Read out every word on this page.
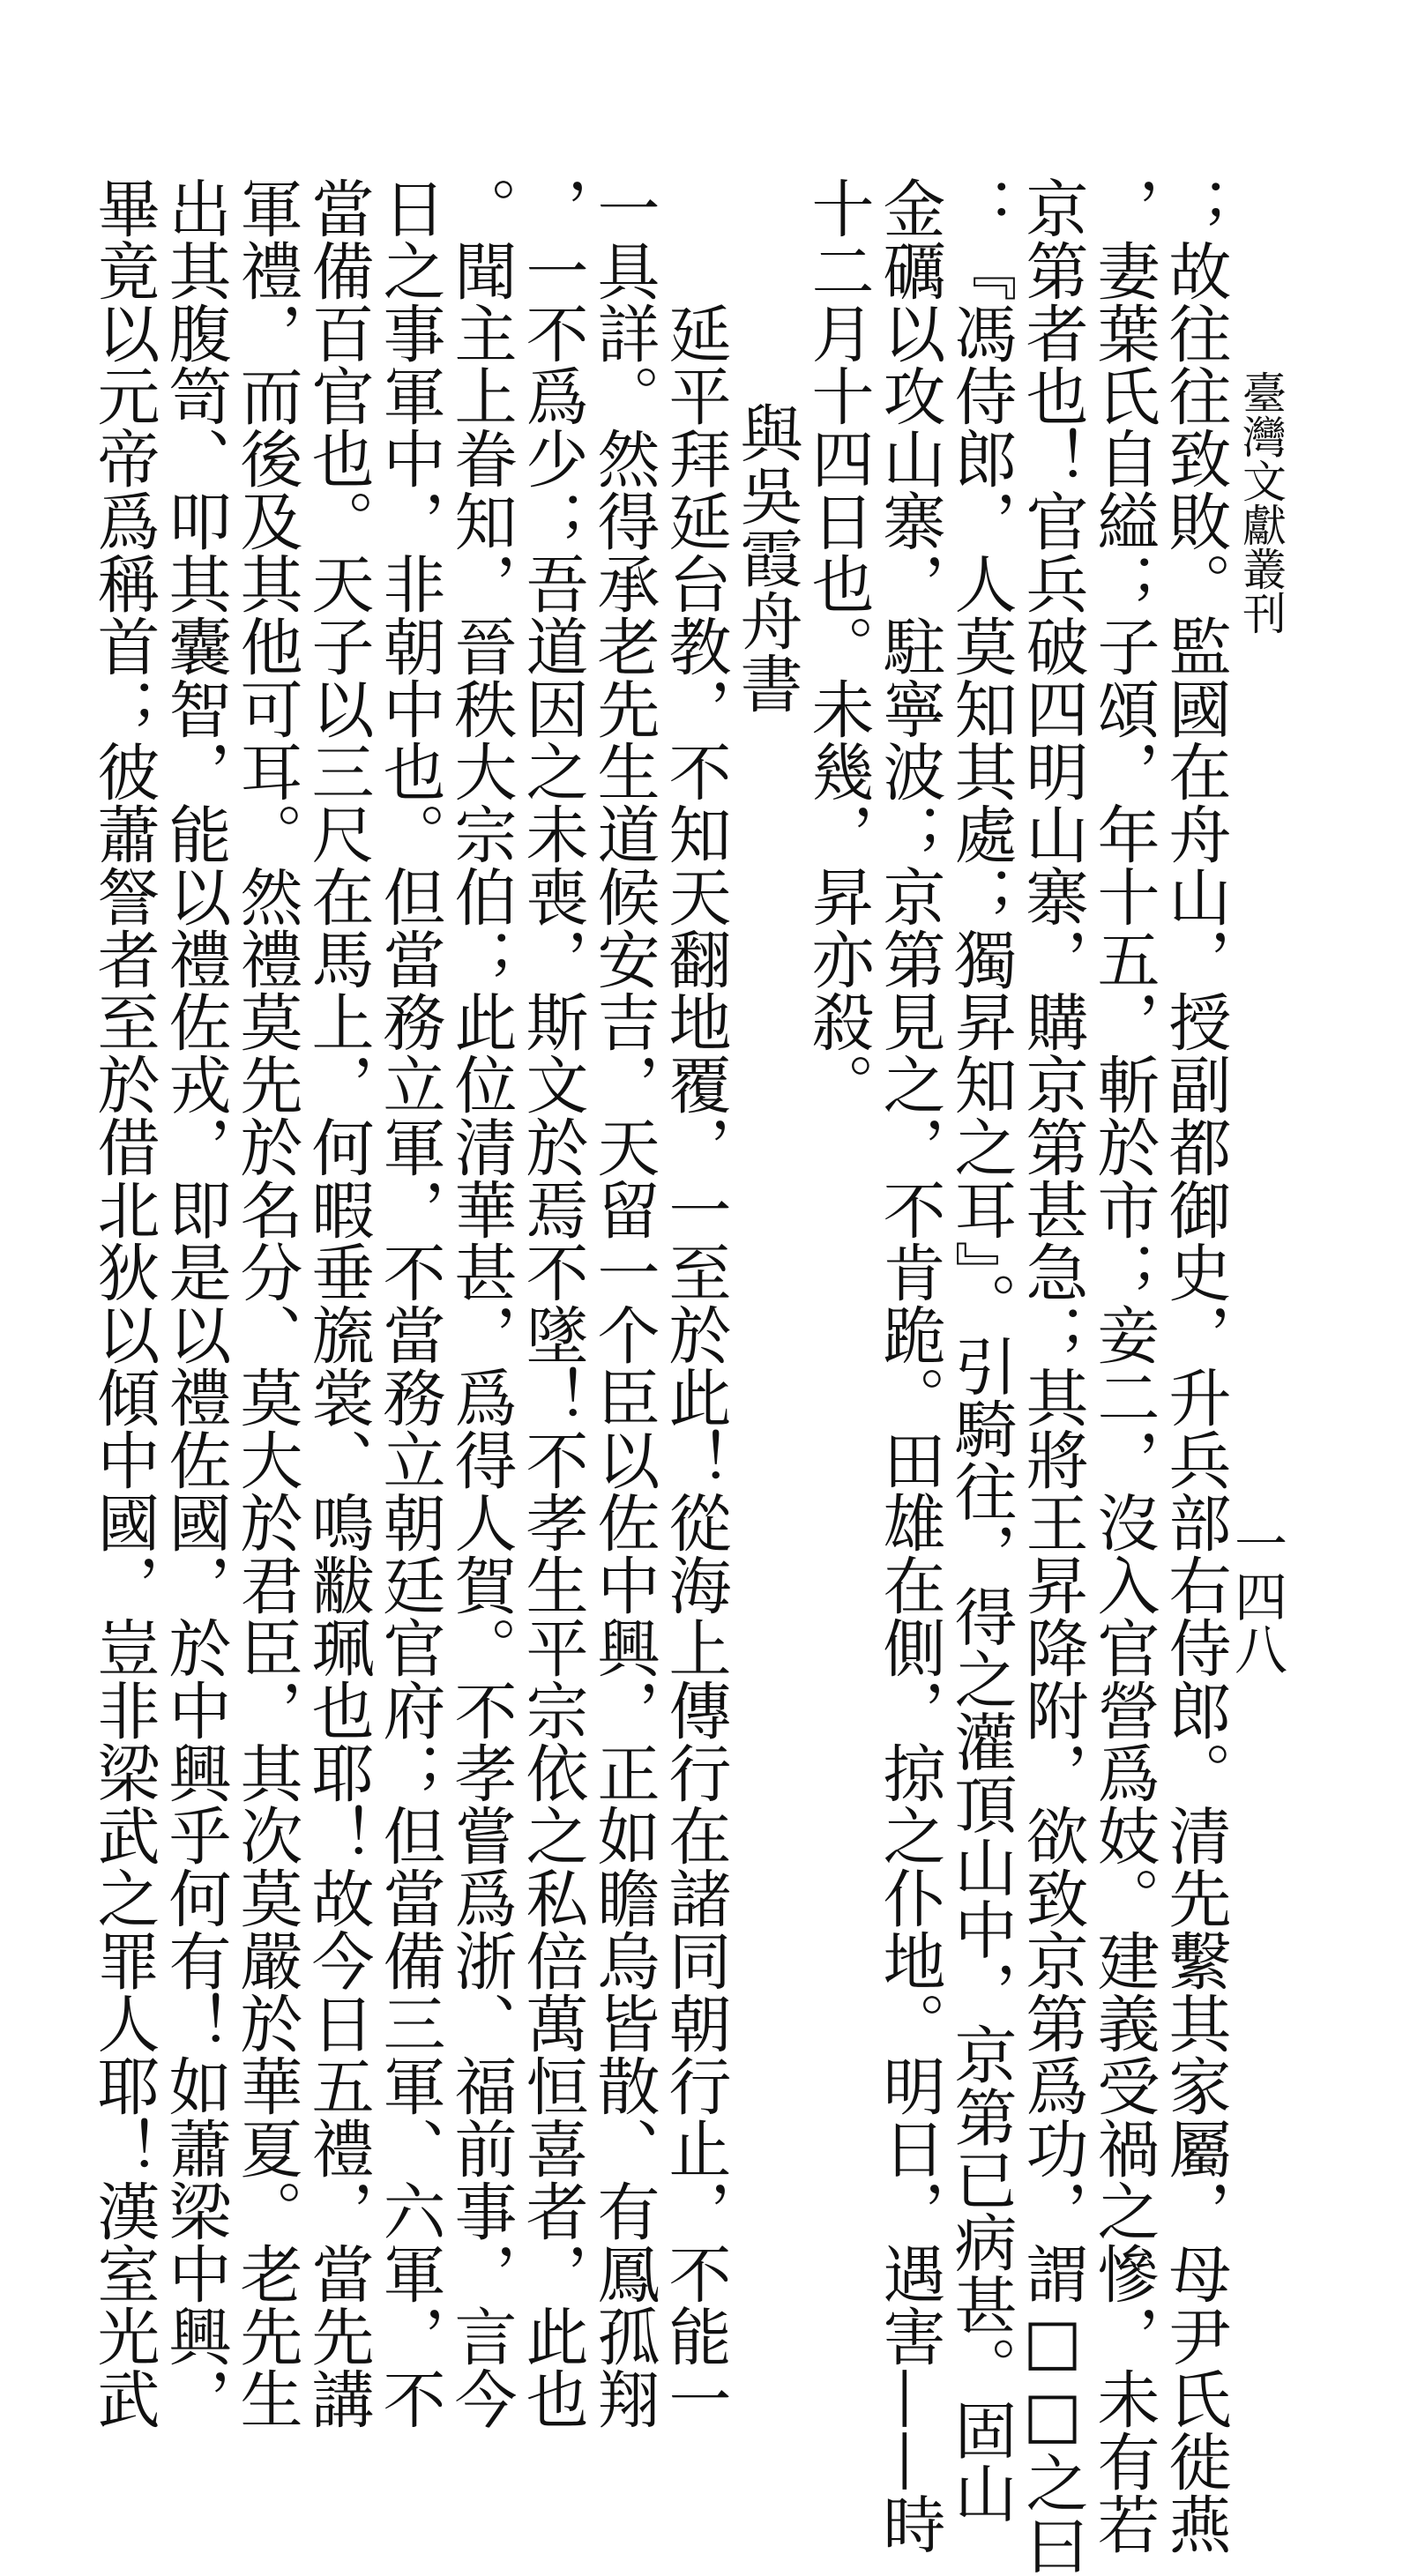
臺灣文獻叢刊
一四八

；故往往致敗。監國在舟山，授副都御史，升兵部右侍郎。清先繫其家屬，母尹氏徙燕

，妻葉氏自縊；子頌，年十五，斬於市；妾二，沒入官營爲妓。建義受禍之慘，未有若

京第者也！官兵破四明山寨，購京第甚急；其將王昇降附，欲致京第爲功，謂□□之曰

：『馮侍郎，人莫知其處；獨昇知之耳』。引騎往，得之灌頂山中，京第已病甚。固山

金礪以攻山寨，駐寧波；京第見之，不肯跪。田雄在側，掠之仆地。明日，遇害——時

十二月十四日也。未幾，昇亦殺。

與吳霞舟書

延平拜延台教，不知天翻地覆，一至於此！從海上傳行在諸同朝行止，不能一

一具詳。然得承老先生道候安吉，天留一个臣以佐中興，正如瞻烏皆散、有鳳孤翔

，一不爲少；吾道因之未喪，斯文於焉不墜！不孝生平宗依之私倍萬恒喜者，此也

。聞主上眷知，晉秩大宗伯；此位清華甚，爲得人賀。不孝嘗爲浙、福前事，言今

日之事軍中，非朝中也。但當務立軍，不當務立朝廷官府；但當備三軍、六軍，不

當備百官也。天子以三尺在馬上，何暇垂旒裳、鳴黻珮也耶！故今日五禮，當先講

軍禮，而後及其他可耳。然禮莫先於名分、莫大於君臣，其次莫嚴於華夏。老先生

出其腹笥、叩其囊智，能以禮佐戎，即是以禮佐國，於中興乎何有！如蕭梁中興，

畢竟以元帝爲稱首；彼蕭詧者至於借北狄以傾中國，豈非梁武之罪人耶！漢室光武
